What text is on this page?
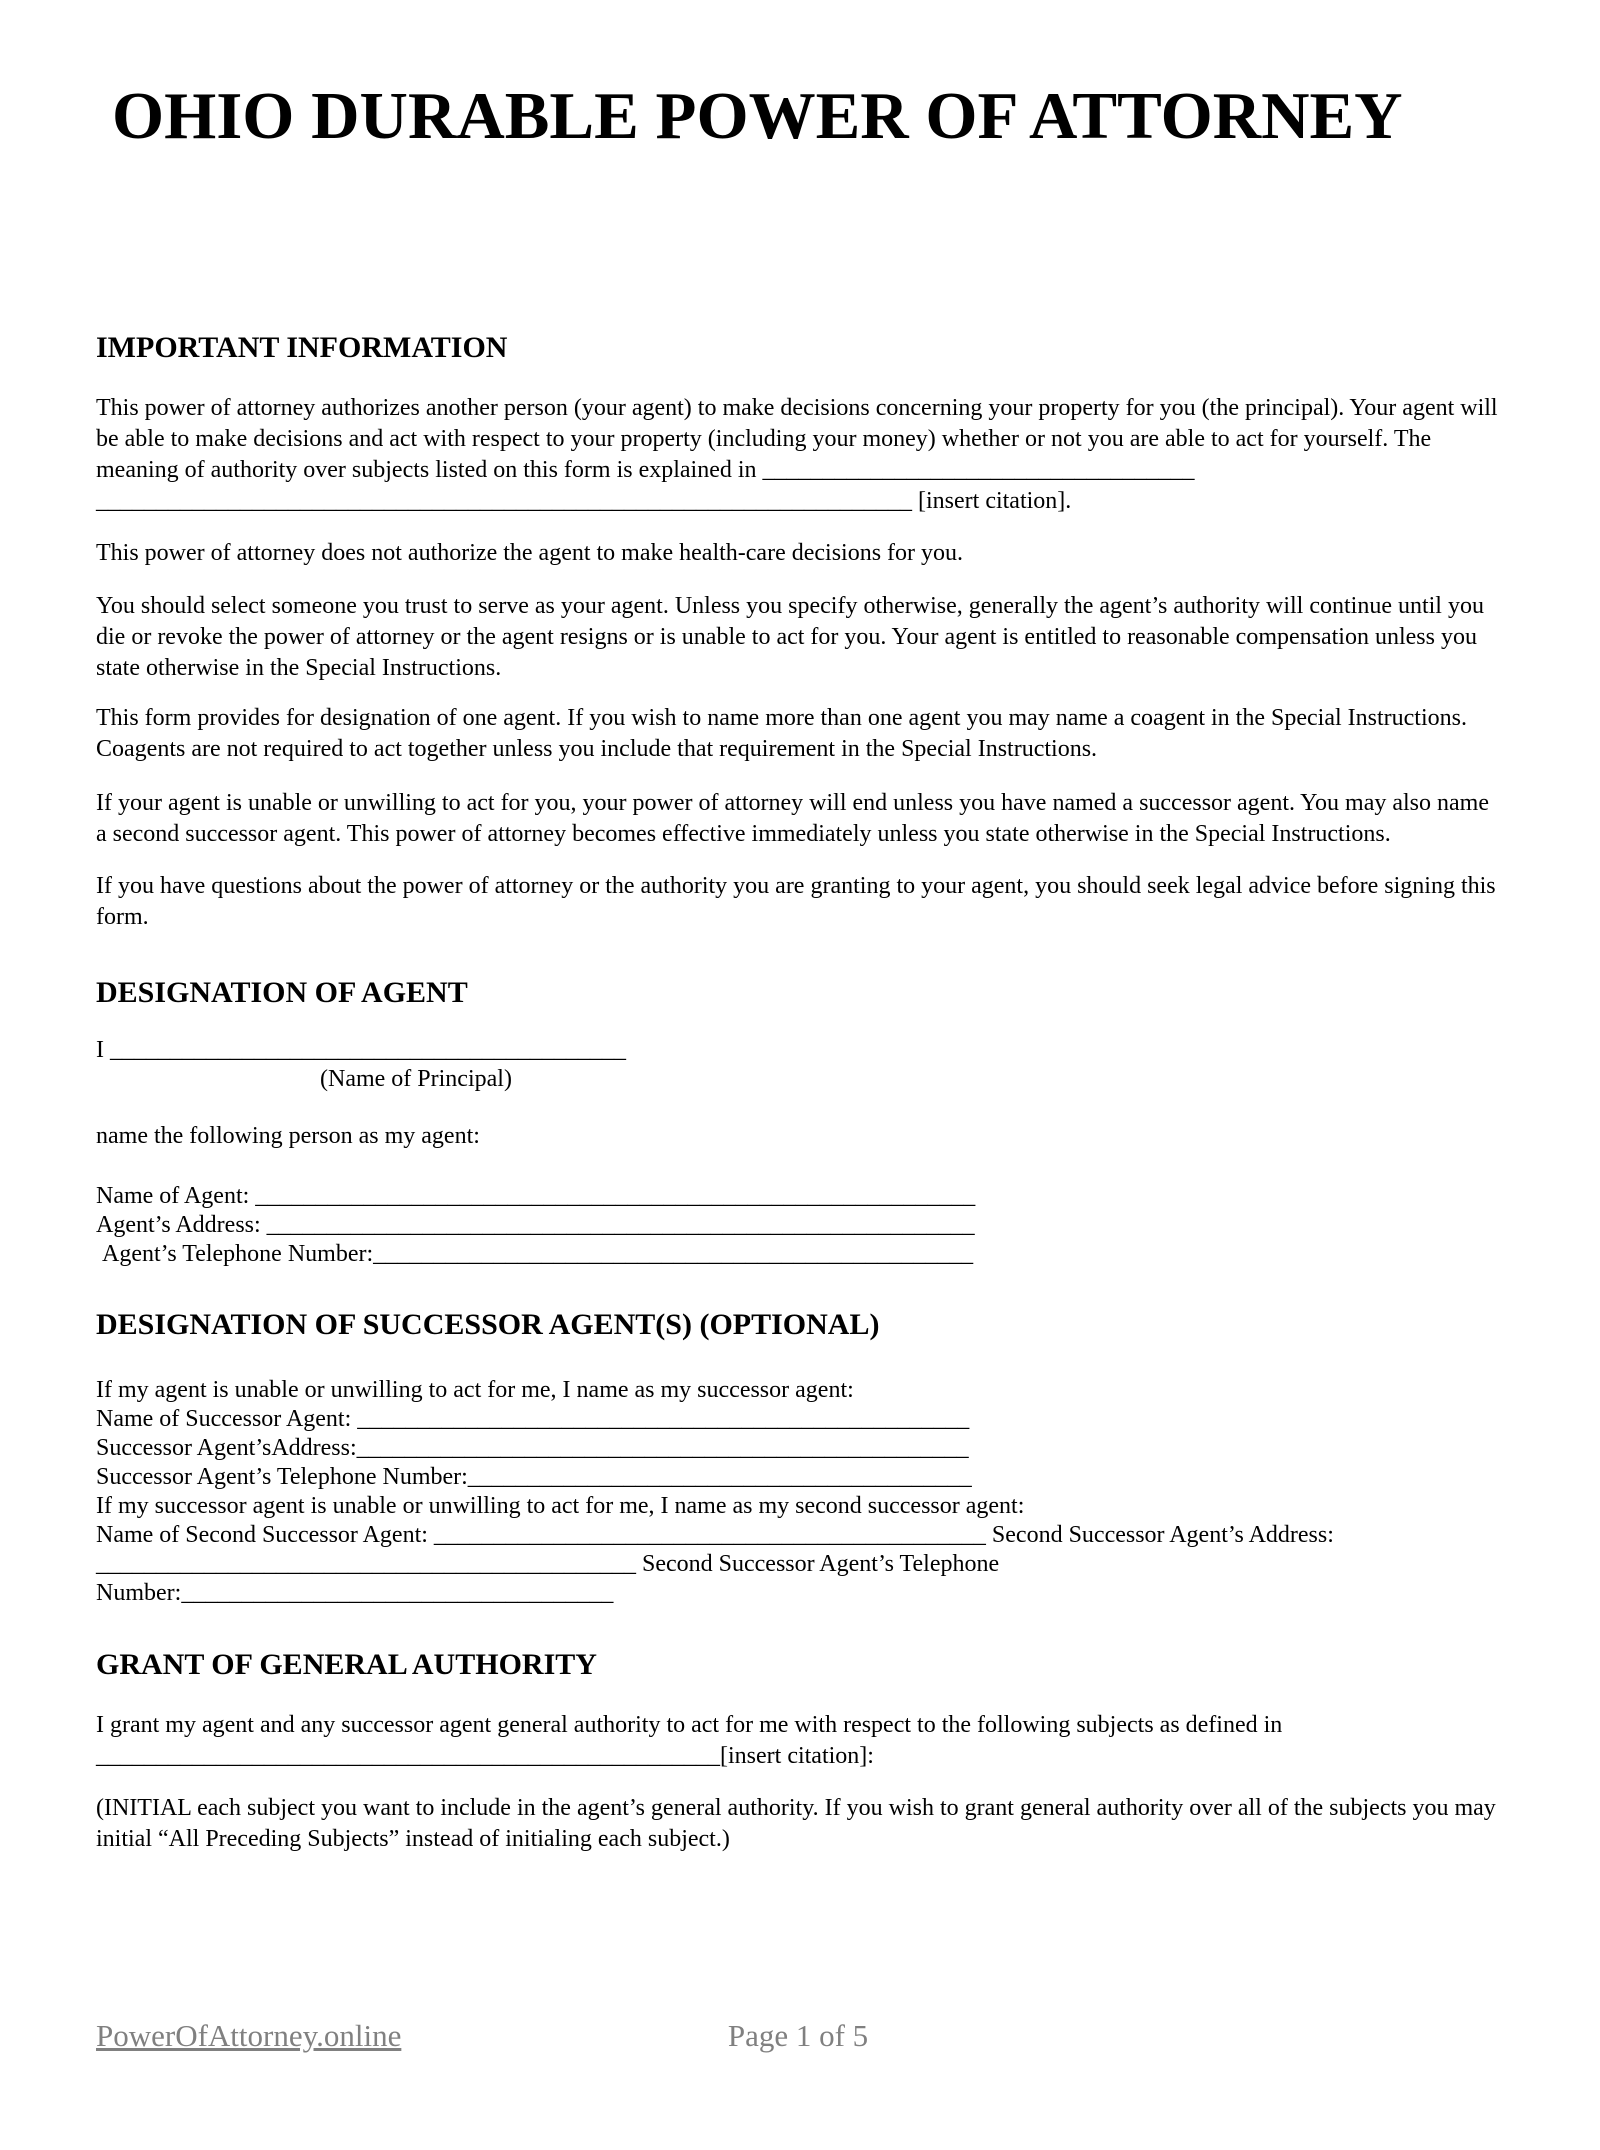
OHIO DURABLE POWER OF ATTORNEY
IMPORTANT INFORMATION

This power of attorney authorizes another person (your agent) to make decisions concerning your property for you (the principal). Your agent will be able to make decisions and act with respect to your property (including your money) whether or not you are able to act for yourself. The meaning of authority over subjects listed on this form is explained in ____________________________________ ____________________________________________________________________ [insert citation].

This power of attorney does not authorize the agent to make health-care decisions for you.

You should select someone you trust to serve as your agent. Unless you specify otherwise, generally the agent’s authority will continue until you die or revoke the power of attorney or the agent resigns or is unable to act for you. Your agent is entitled to reasonable compensation unless you state otherwise in the Special Instructions.

This form provides for designation of one agent. If you wish to name more than one agent you may name a coagent in the Special Instructions. Coagents are not required to act together unless you include that requirement in the Special Instructions.

If your agent is unable or unwilling to act for you, your power of attorney will end unless you have named a successor agent. You may also name a second successor agent. This power of attorney becomes effective immediately unless you state otherwise in the Special Instructions.

If you have questions about the power of attorney or the authority you are granting to your agent, you should seek legal advice before signing this form.

DESIGNATION OF AGENT

I ___________________________________________

(Name of Principal)

name the following person as my agent:

Name of Agent: ____________________________________________________________

Agent’s Address: ___________________________________________________________

Agent’s Telephone Number:__________________________________________________

DESIGNATION OF SUCCESSOR AGENT(S) (OPTIONAL)

If my agent is unable or unwilling to act for me, I name as my successor agent:

Name of Successor Agent: ___________________________________________________

Successor Agent’sAddress:___________________________________________________

Successor Agent’s Telephone Number:__________________________________________

If my successor agent is unable or unwilling to act for me, I name as my second successor agent:

Name of Second Successor Agent: ______________________________________________ Second Successor Agent’s Address:

_____________________________________________ Second Successor Agent’s Telephone

Number:____________________________________

GRANT OF GENERAL AUTHORITY

I grant my agent and any successor agent general authority to act for me with respect to the following subjects as defined in ____________________________________________________[insert citation]:

(INITIAL each subject you want to include in the agent’s general authority. If you wish to grant general authority over all of the subjects you may initial “All Preceding Subjects” instead of initialing each subject.)

PowerOfAttorney.online	Page 1 of 5
